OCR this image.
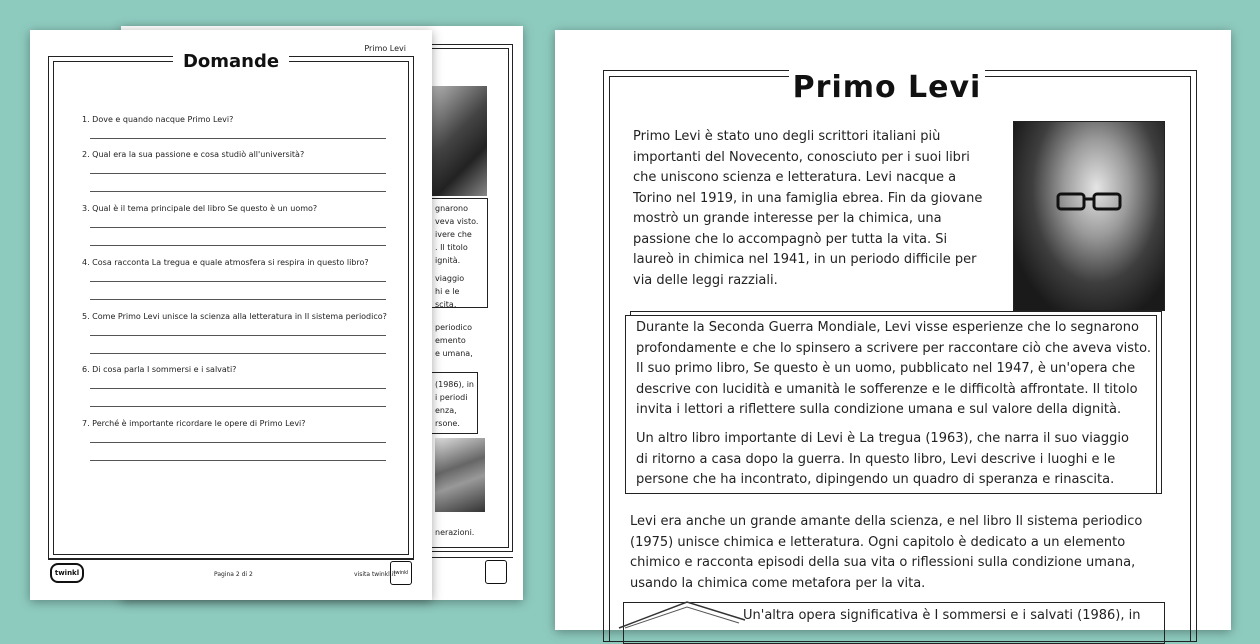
gnarono
veva visto.
ivere che
. Il titolo
ignità.
viaggio
hi e le
scita.
periodico
emento
e umana,
(1986), in
i periodi
enza,
rsone.
nerazioni.
Domande
Primo Levi
1. Dove e quando nacque Primo Levi?
2. Qual era la sua passione e cosa studiò all'università?
3. Qual è il tema principale del libro Se questo è un uomo?
4. Cosa racconta La tregua e quale atmosfera si respira in questo libro?
5. Come Primo Levi unisce la scienza alla letteratura in Il sistema periodico?
6. Di cosa parla I sommersi e i salvati?
7. Perché è importante ricordare le opere di Primo Levi?
twinkl	Pagina 2 di 2	visita twinkl.it
twinkl
Primo Levi
Primo Levi è stato uno degli scrittori italiani più
importanti del Novecento, conosciuto per i suoi libri
che uniscono scienza e letteratura. Levi nacque a
Torino nel 1919, in una famiglia ebrea. Fin da giovane
mostrò un grande interesse per la chimica, una
passione che lo accompagnò per tutta la vita. Si
laureò in chimica nel 1941, in un periodo difficile per
via delle leggi razziali.
Durante la Seconda Guerra Mondiale, Levi visse esperienze che lo segnarono
profondamente e che lo spinsero a scrivere per raccontare ciò che aveva visto.
Il suo primo libro, Se questo è un uomo, pubblicato nel 1947, è un'opera che
descrive con lucidità e umanità le sofferenze e le difficoltà affrontate. Il titolo
invita i lettori a riflettere sulla condizione umana e sul valore della dignità.
Un altro libro importante di Levi è La tregua (1963), che narra il suo viaggio
di ritorno a casa dopo la guerra. In questo libro, Levi descrive i luoghi e le
persone che ha incontrato, dipingendo un quadro di speranza e rinascita.
Levi era anche un grande amante della scienza, e nel libro Il sistema periodico
(1975) unisce chimica e letteratura. Ogni capitolo è dedicato a un elemento
chimico e racconta episodi della sua vita o riflessioni sulla condizione umana,
usando la chimica come metafora per la vita.
Un'altra opera significativa è I sommersi e i salvati (1986), in
